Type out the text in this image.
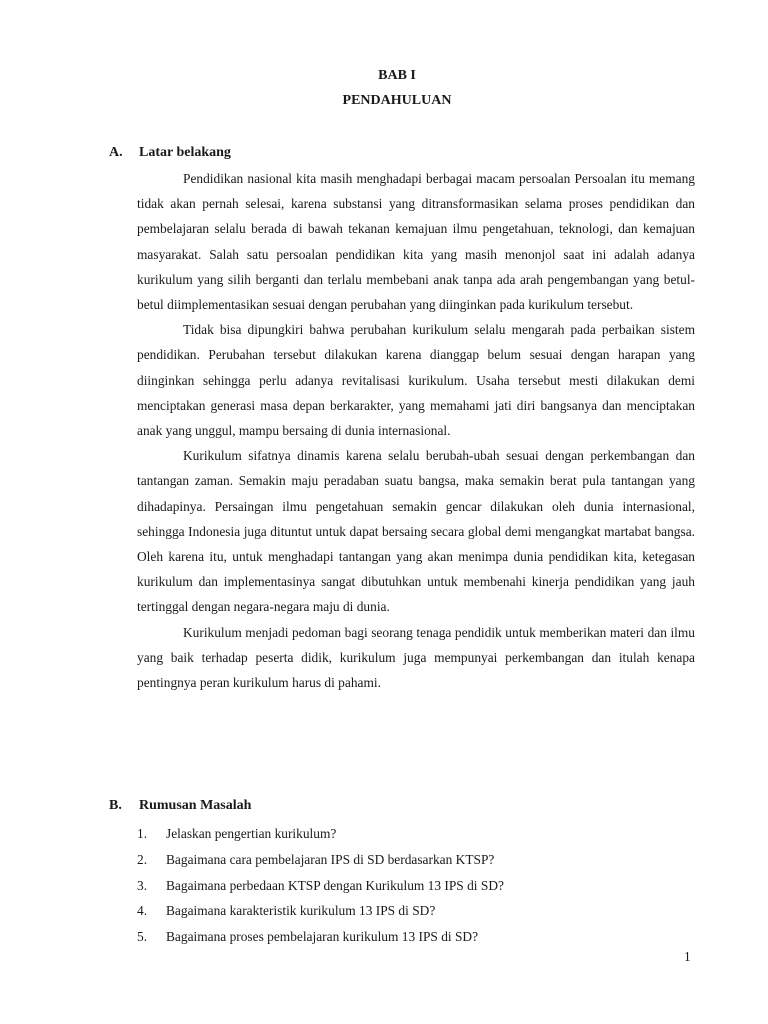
BAB I
PENDAHULUAN
A. Latar belakang

Pendidikan nasional kita masih menghadapi berbagai macam persoalan Persoalan itu memang tidak akan pernah selesai, karena substansi yang ditransformasikan selama proses pendidikan dan pembelajaran selalu berada di bawah tekanan kemajuan ilmu pengetahuan, teknologi, dan kemajuan masyarakat. Salah satu persoalan pendidikan kita yang masih menonjol saat ini adalah adanya kurikulum yang silih berganti dan terlalu membebani anak tanpa ada arah pengembangan yang betul-betul diimplementasikan sesuai dengan perubahan yang diinginkan pada kurikulum tersebut.

Tidak bisa dipungkiri bahwa perubahan kurikulum selalu mengarah pada perbaikan sistem pendidikan. Perubahan tersebut dilakukan karena dianggap belum sesuai dengan harapan yang diinginkan sehingga perlu adanya revitalisasi kurikulum. Usaha tersebut mesti dilakukan demi menciptakan generasi masa depan berkarakter, yang memahami jati diri bangsanya dan menciptakan anak yang unggul, mampu bersaing di dunia internasional.

Kurikulum sifatnya dinamis karena selalu berubah-ubah sesuai dengan perkembangan dan tantangan zaman. Semakin maju peradaban suatu bangsa, maka semakin berat pula tantangan yang dihadapinya. Persaingan ilmu pengetahuan semakin gencar dilakukan oleh dunia internasional, sehingga Indonesia juga dituntut untuk dapat bersaing secara global demi mengangkat martabat bangsa. Oleh karena itu, untuk menghadapi tantangan yang akan menimpa dunia pendidikan kita, ketegasan kurikulum dan implementasinya sangat dibutuhkan untuk membenahi kinerja pendidikan yang jauh tertinggal dengan negara-negara maju di dunia.

Kurikulum menjadi pedoman bagi seorang tenaga pendidik untuk memberikan materi dan ilmu yang baik terhadap peserta didik, kurikulum juga mempunyai perkembangan dan itulah kenapa pentingnya peran kurikulum harus di pahami.

B. Rumusan Masalah
1. Jelaskan pengertian kurikulum?
2. Bagaimana cara pembelajaran IPS di SD berdasarkan KTSP?
3. Bagaimana perbedaan KTSP dengan Kurikulum 13 IPS di SD?
4. Bagaimana karakteristik kurikulum 13 IPS di SD?
5. Bagaimana proses pembelajaran kurikulum 13 IPS di SD?
1
